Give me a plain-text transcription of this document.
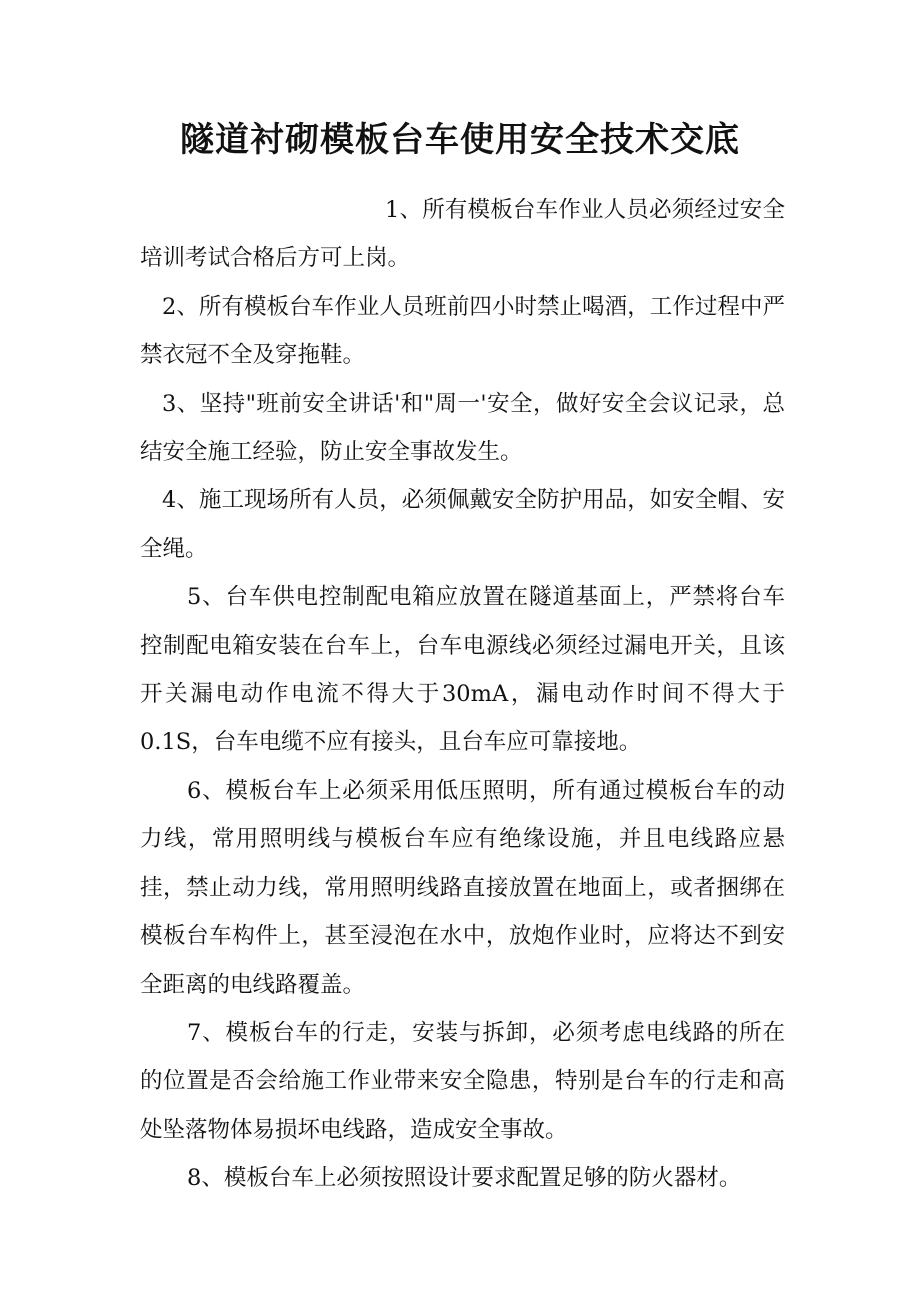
隧道衬砌模板台车使用安全技术交底

1、所有模板台车作业人员必须经过安全培训考试合格后方可上岗。

2、所有模板台车作业人员班前四小时禁止喝酒，工作过程中严禁衣冠不全及穿拖鞋。

3、坚持"班前安全讲话'和"周一'安全，做好安全会议记录，总结安全施工经验，防止安全事故发生。

4、施工现场所有人员，必须佩戴安全防护用品，如安全帽、安全绳。

5、台车供电控制配电箱应放置在隧道基面上，严禁将台车控制配电箱安装在台车上，台车电源线必须经过漏电开关，且该开关漏电动作电流不得大于30mA，漏电动作时间不得大于0.1S，台车电缆不应有接头，且台车应可靠接地。

6、模板台车上必须采用低压照明，所有通过模板台车的动力线，常用照明线与模板台车应有绝缘设施，并且电线路应悬挂，禁止动力线，常用照明线路直接放置在地面上，或者捆绑在模板台车构件上，甚至浸泡在水中，放炮作业时，应将达不到安全距离的电线路覆盖。

7、模板台车的行走，安装与拆卸，必须考虑电线路的所在的位置是否会给施工作业带来安全隐患，特别是台车的行走和高处坠落物体易损坏电线路，造成安全事故。

8、模板台车上必须按照设计要求配置足够的防火器材。
